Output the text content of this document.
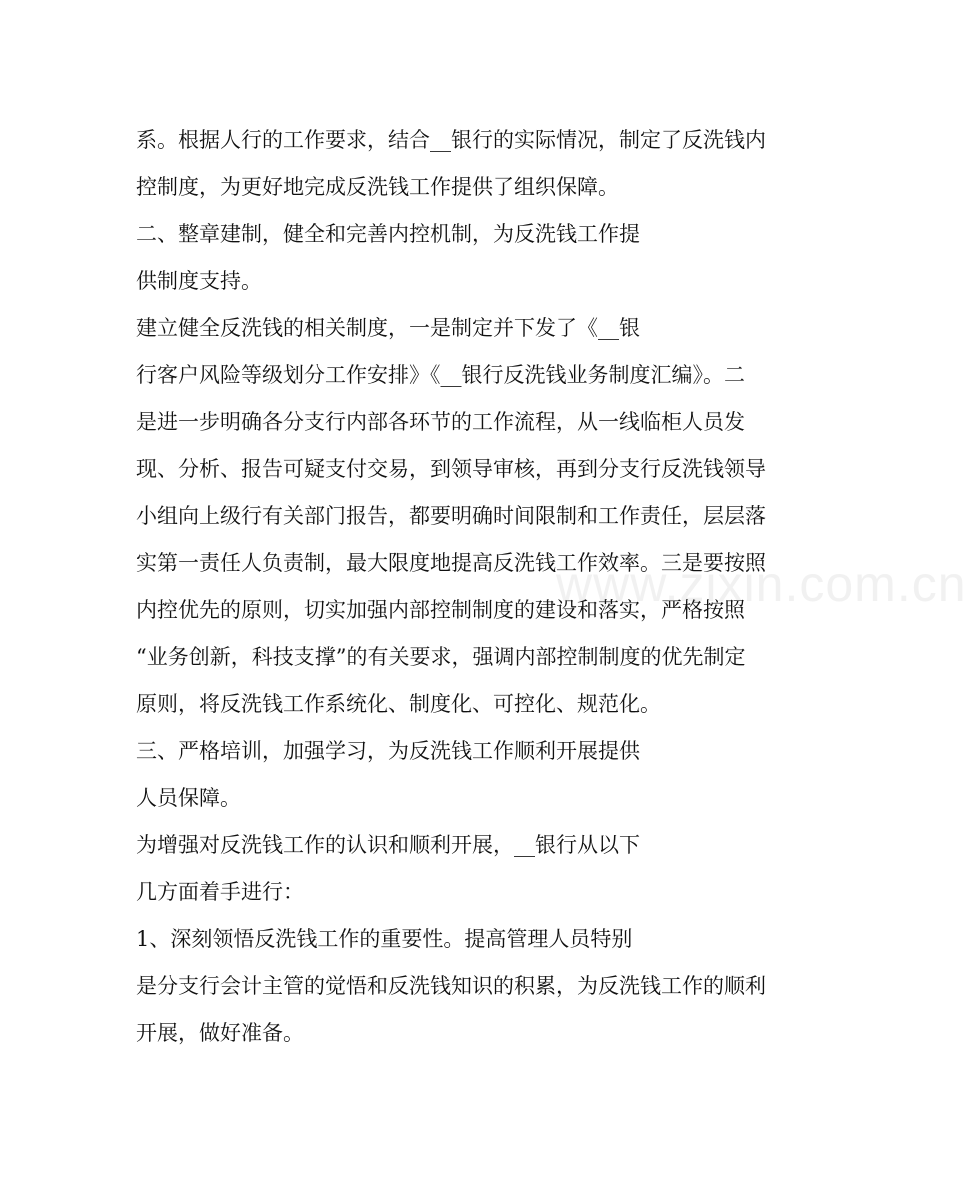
系。根据人行的工作要求，结合__银行的实际情况，制定了反洗钱内

控制度，为更好地完成反洗钱工作提供了组织保障。

二、整章建制，健全和完善内控机制，为反洗钱工作提

供制度支持。

建立健全反洗钱的相关制度，一是制定并下发了《__银

行客户风险等级划分工作安排》《__银行反洗钱业务制度汇编》。二

是进一步明确各分支行内部各环节的工作流程，从一线临柜人员发

现、分析、报告可疑支付交易，到领导审核，再到分支行反洗钱领导

小组向上级行有关部门报告，都要明确时间限制和工作责任，层层落

实第一责任人负责制，最大限度地提高反洗钱工作效率。三是要按照

内控优先的原则，切实加强内部控制制度的建设和落实，严格按照

“业务创新，科技支撑”的有关要求，强调内部控制制度的优先制定

原则，将反洗钱工作系统化、制度化、可控化、规范化。

三、严格培训，加强学习，为反洗钱工作顺利开展提供

人员保障。

为增强对反洗钱工作的认识和顺利开展，__银行从以下

几方面着手进行：

1、深刻领悟反洗钱工作的重要性。提高管理人员特别

是分支行会计主管的觉悟和反洗钱知识的积累，为反洗钱工作的顺利

开展，做好准备。

www.zixin.com.cn
